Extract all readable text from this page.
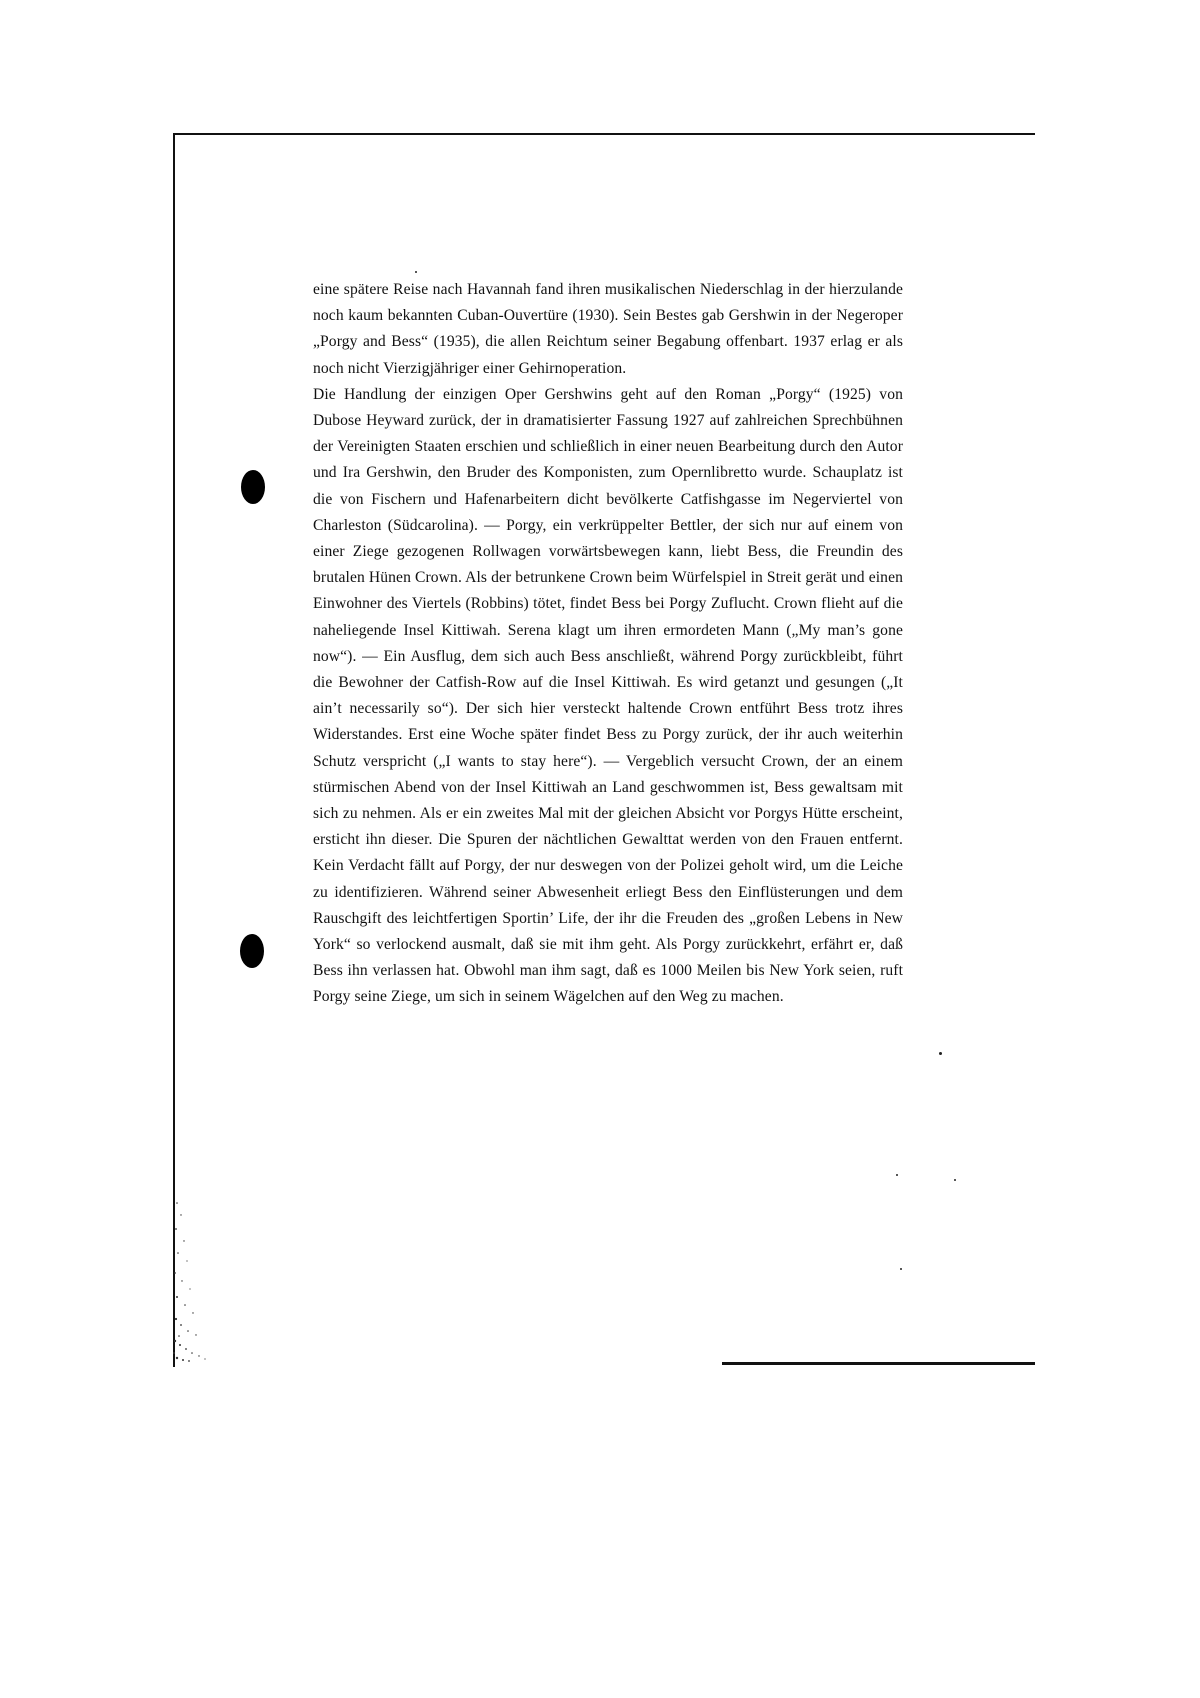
eine spätere Reise nach Havannah fand ihren musikalischen Niederschlag in der hierzulande noch kaum bekannten Cuban-Ouvertüre (1930). Sein Bestes gab Gershwin in der Negeroper „Porgy and Bess“ (1935), die allen Reichtum seiner Begabung offenbart. 1937 erlag er als noch nicht Vierzigjähriger einer Gehirnoperation.

Die Handlung der einzigen Oper Gershwins geht auf den Roman „Porgy“ (1925) von Dubose Heyward zurück, der in dramatisierter Fassung 1927 auf zahlreichen Sprechbühnen der Vereinigten Staaten erschien und schließlich in einer neuen Bearbeitung durch den Autor und Ira Gershwin, den Bruder des Komponisten, zum Opernlibretto wurde. Schauplatz ist die von Fischern und Hafenarbeitern dicht bevölkerte Catfishgasse im Negerviertel von Charleston (Südcarolina). — Porgy, ein verkrüppelter Bettler, der sich nur auf einem von einer Ziege gezogenen Rollwagen vorwärtsbewegen kann, liebt Bess, die Freundin des brutalen Hünen Crown. Als der betrunkene Crown beim Würfelspiel in Streit gerät und einen Einwohner des Viertels (Robbins) tötet, findet Bess bei Porgy Zuflucht. Crown flieht auf die naheliegende Insel Kittiwah. Serena klagt um ihren ermordeten Mann („My man’s gone now“). — Ein Ausflug, dem sich auch Bess anschließt, während Porgy zurückbleibt, führt die Bewohner der Catfish-Row auf die Insel Kittiwah. Es wird getanzt und gesungen („It ain’t necessarily so“). Der sich hier versteckt haltende Crown entführt Bess trotz ihres Widerstandes. Erst eine Woche später findet Bess zu Porgy zurück, der ihr auch weiterhin Schutz verspricht („I wants to stay here“). — Vergeblich versucht Crown, der an einem stürmischen Abend von der Insel Kittiwah an Land geschwommen ist, Bess gewaltsam mit sich zu nehmen. Als er ein zweites Mal mit der gleichen Absicht vor Porgys Hütte erscheint, ersticht ihn dieser. Die Spuren der nächtlichen Gewalttat werden von den Frauen entfernt. Kein Verdacht fällt auf Porgy, der nur deswegen von der Polizei geholt wird, um die Leiche zu identifizieren. Während seiner Abwesenheit erliegt Bess den Einflüsterungen und dem Rauschgift des leichtfertigen Sportin’ Life, der ihr die Freuden des „großen Lebens in New York“ so verlockend ausmalt, daß sie mit ihm geht. Als Porgy zurückkehrt, erfährt er, daß Bess ihn verlassen hat. Obwohl man ihm sagt, daß es 1000 Meilen bis New York seien, ruft Porgy seine Ziege, um sich in seinem Wägelchen auf den Weg zu machen.
